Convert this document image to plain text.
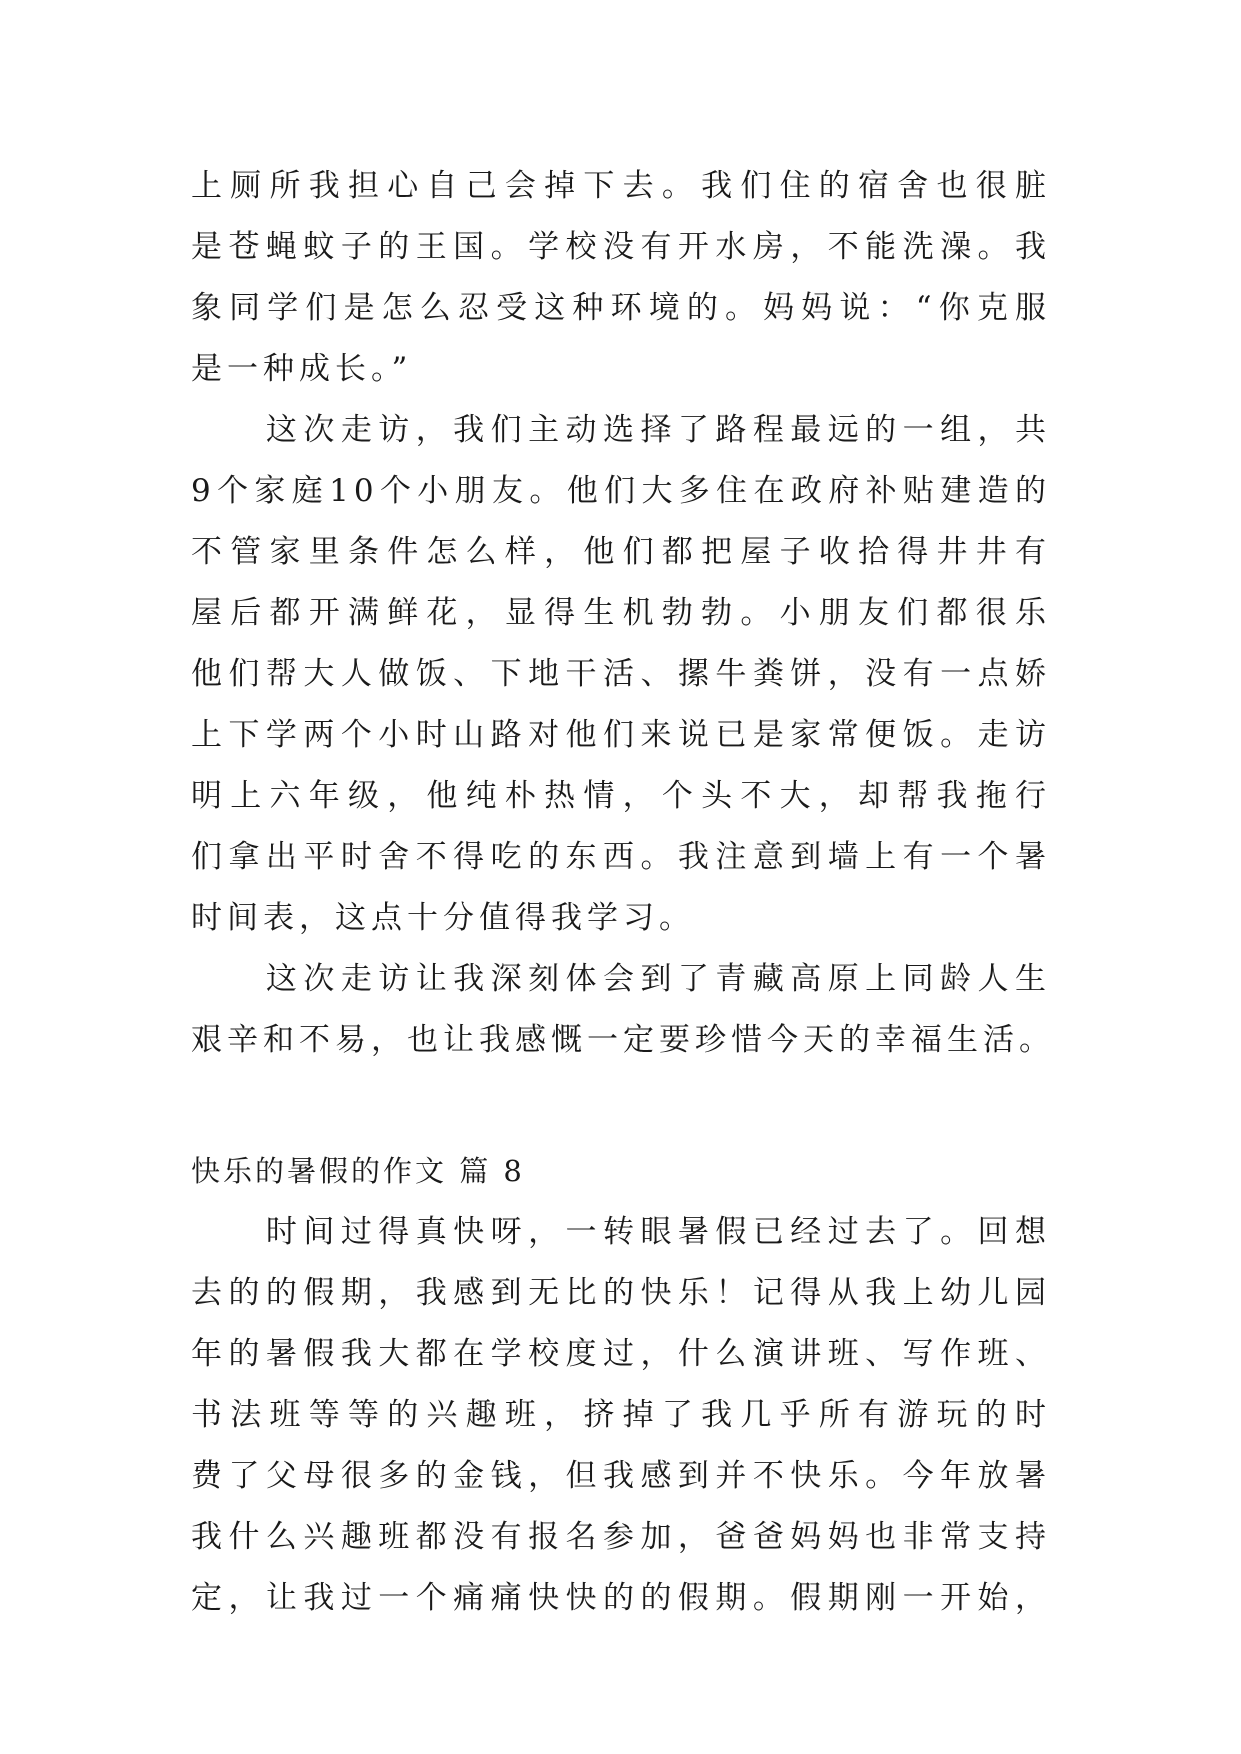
上厕所我担心自己会掉下去。我们住的宿舍也很脏
是苍蝇蚊子的王国。学校没有开水房，不能洗澡。我
象同学们是怎么忍受这种环境的。妈妈说：“你克服
是一种成长。”
　　这次走访，我们主动选择了路程最远的一组，共
9个家庭10个小朋友。他们大多住在政府补贴建造的
不管家里条件怎么样，他们都把屋子收拾得井井有
屋后都开满鲜花，显得生机勃勃。小朋友们都很乐
他们帮大人做饭、下地干活、摞牛粪饼，没有一点娇
上下学两个小时山路对他们来说已是家常便饭。走访
明上六年级，他纯朴热情，个头不大，却帮我拖行
们拿出平时舍不得吃的东西。我注意到墙上有一个暑
时间表，这点十分值得我学习。
　　这次走访让我深刻体会到了青藏高原上同龄人生
艰辛和不易，也让我感慨一定要珍惜今天的幸福生活。
快乐的暑假的作文 篇 8
　　时间过得真快呀，一转眼暑假已经过去了。回想
去的的假期，我感到无比的快乐！记得从我上幼儿园
年的暑假我大都在学校度过，什么演讲班、写作班、
书法班等等的兴趣班，挤掉了我几乎所有游玩的时
费了父母很多的金钱，但我感到并不快乐。今年放暑
我什么兴趣班都没有报名参加，爸爸妈妈也非常支持
定，让我过一个痛痛快快的的假期。假期刚一开始，
